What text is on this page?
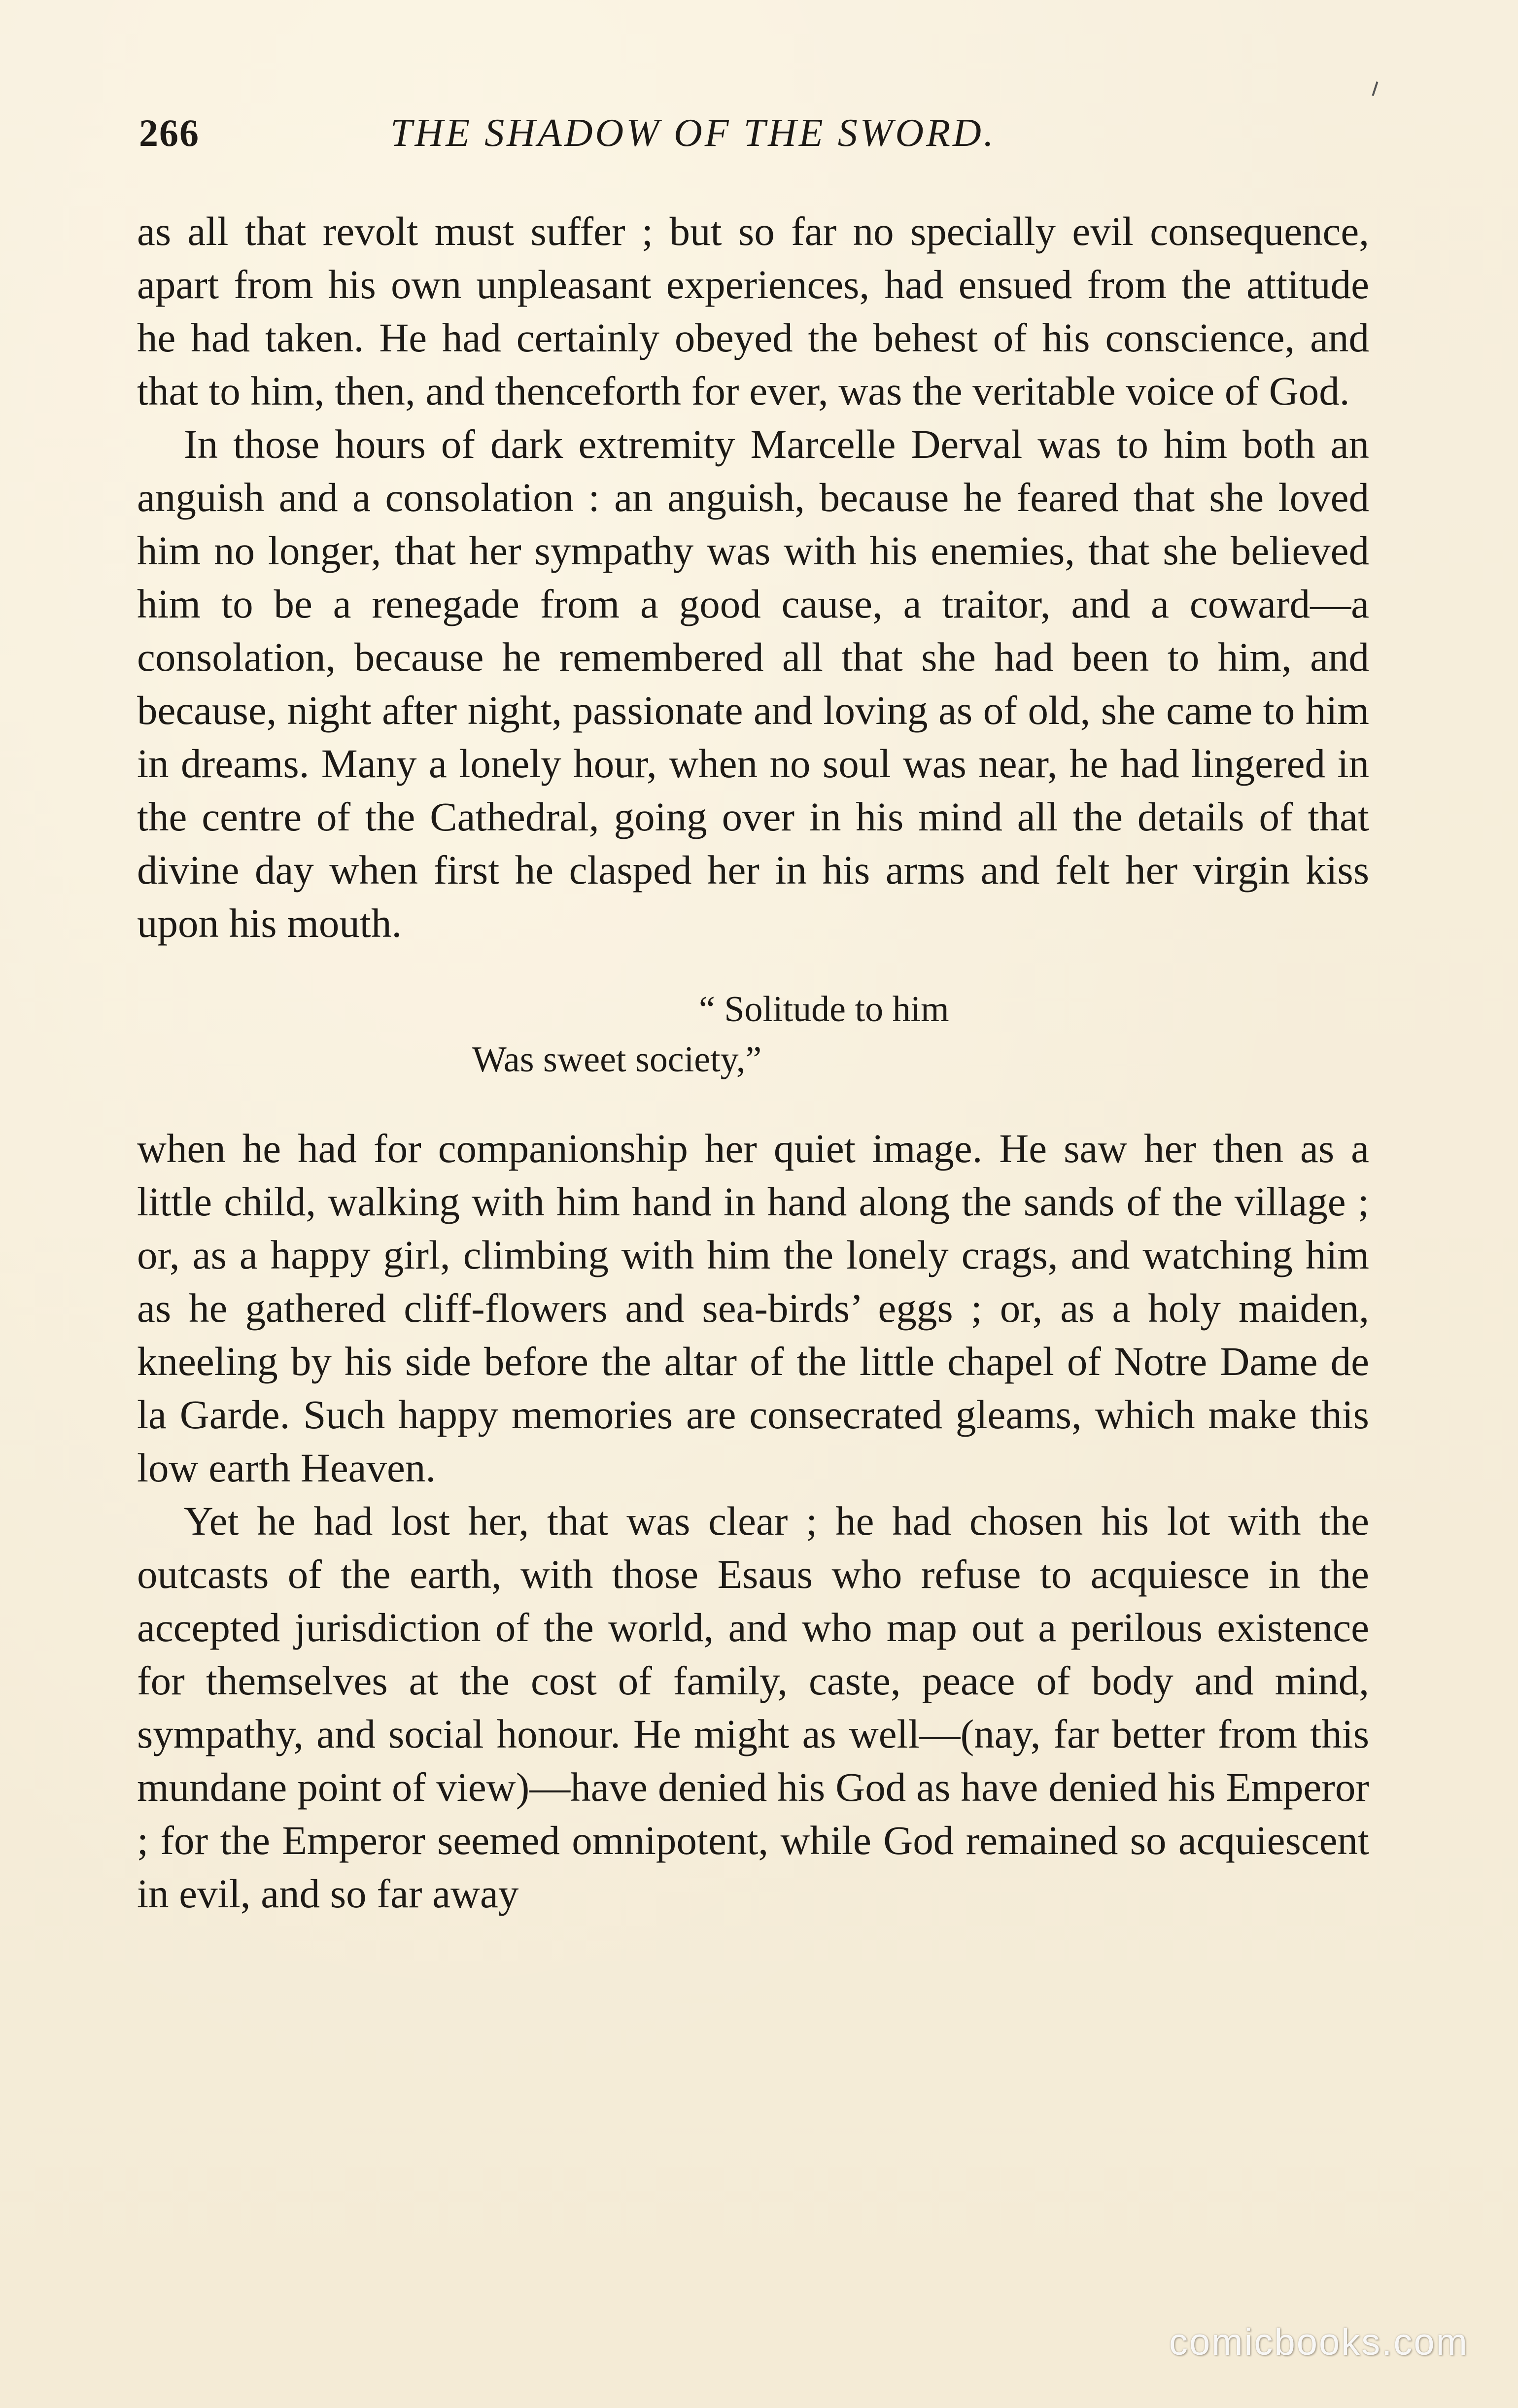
266	THE SHADOW OF THE SWORD.

as all that revolt must suffer ; but so far no specially evil consequence, apart from his own unpleasant experiences, had ensued from the attitude he had taken. He had certainly obeyed the behest of his conscience, and that to him, then, and thenceforth for ever, was the veritable voice of God.

In those hours of dark extremity Marcelle Derval was to him both an anguish and a consolation : an anguish, because he feared that she loved him no longer, that her sympathy was with his enemies, that she believed him to be a renegade from a good cause, a traitor, and a coward—a consolation, because he remembered all that she had been to him, and because, night after night, passionate and loving as of old, she came to him in dreams. Many a lonely hour, when no soul was near, he had lingered in the centre of the Cathedral, going over in his mind all the details of that divine day when first he clasped her in his arms and felt her virgin kiss upon his mouth.

“ Solitude to him
Was sweet society,”

when he had for companionship her quiet image. He saw her then as a little child, walking with him hand in hand along the sands of the village ; or, as a happy girl, climbing with him the lonely crags, and watching him as he gathered cliff-flowers and sea-birds’ eggs ; or, as a holy maiden, kneeling by his side before the altar of the little chapel of Notre Dame de la Garde. Such happy memories are consecrated gleams, which make this low earth Heaven.

Yet he had lost her, that was clear ; he had chosen his lot with the outcasts of the earth, with those Esaus who refuse to acquiesce in the accepted jurisdiction of the world, and who map out a perilous existence for themselves at the cost of family, caste, peace of body and mind, sympathy, and social honour. He might as well—(nay, far better from this mundane point of view)—have denied his God as have denied his Emperor ; for the Emperor seemed omnipotent, while God remained so acquiescent in evil, and so far away

comicbooks.com
